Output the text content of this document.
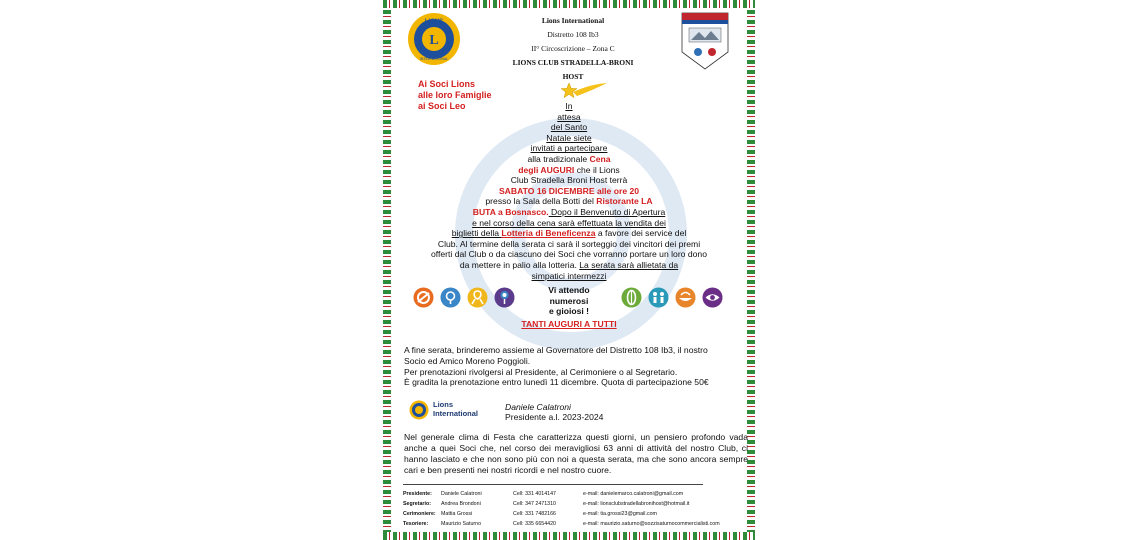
L
LIONS
INTERNATIONAL
Lions International
Distretto 108 Ib3
II° Circoscrizione – Zona C
LIONS CLUB STRADELLA-BRONI HOST
Ai Soci Lions
alle loro Famiglie
ai Soci Leo	In
attesa
del Santo
Natale siete
invitati a partecipare
alla tradizionale Cena
degli AUGURI che il Lions
Club Stradella Broni Host terrà
SABATO 16 DICEMBRE alle ore 20
presso la Sala della Botti del Ristorante LA
BUTA a Bosnasco. Dopo il Benvenuto di Apertura
e nel corso della cena sarà effettuata la vendita dei
biglietti della Lotteria di Beneficenza a favore dei service del
Club. Al termine della serata ci sarà il sorteggio dei vincitori dei premi
offerti dal Club o da ciascuno dei Soci che vorranno portare un loro dono
da mettere in palio alla lotteria. La serata sarà allietata da
simpatici intermezzi
Vi attendo
numerosi
e gioiosi !
TANTI AUGURI A TUTTI
A fine serata, brinderemo assieme al Governatore del Distretto 108 Ib3, il nostro
Socio ed Amico Moreno Poggioli.
Per prenotazioni rivolgersi al Presidente, al Cerimoniere o al Segretario.
È gradita la prenotazione entro lunedì 11 dicembre. Quota di partecipazione 50€
Lions
International
Daniele Calatroni
Presidente a.l. 2023-2024
Nel generale clima di Festa che caratterizza questi giorni, un pensiero profondo vada anche a quei Soci che, nel corso dei meravigliosi 63 anni di attività del nostro Club, ci hanno lasciato e che non sono più con noi a questa serata, ma che sono ancora sempre cari e ben presenti nei nostri ricordi e nel nostro cuore.
Presidente: Daniele Calatroni	Cell: 331 4014147	e-mail: danielemarco.calatroni@gmail.com
Segretario: Andrea Brondoni	Cell: 347 2471310	e-mail: lionsclubstradellabronihost@hotmail.it
Cerimoniere: Mattia Grossi	Cell: 331 7482166	e-mail: tia.grossi23@gmail.com
Tesoriere: Maurizio Saturno	Cell: 335 6654420	e-mail: maurizio.saturno@sozzisaturnocommercialisti.com
